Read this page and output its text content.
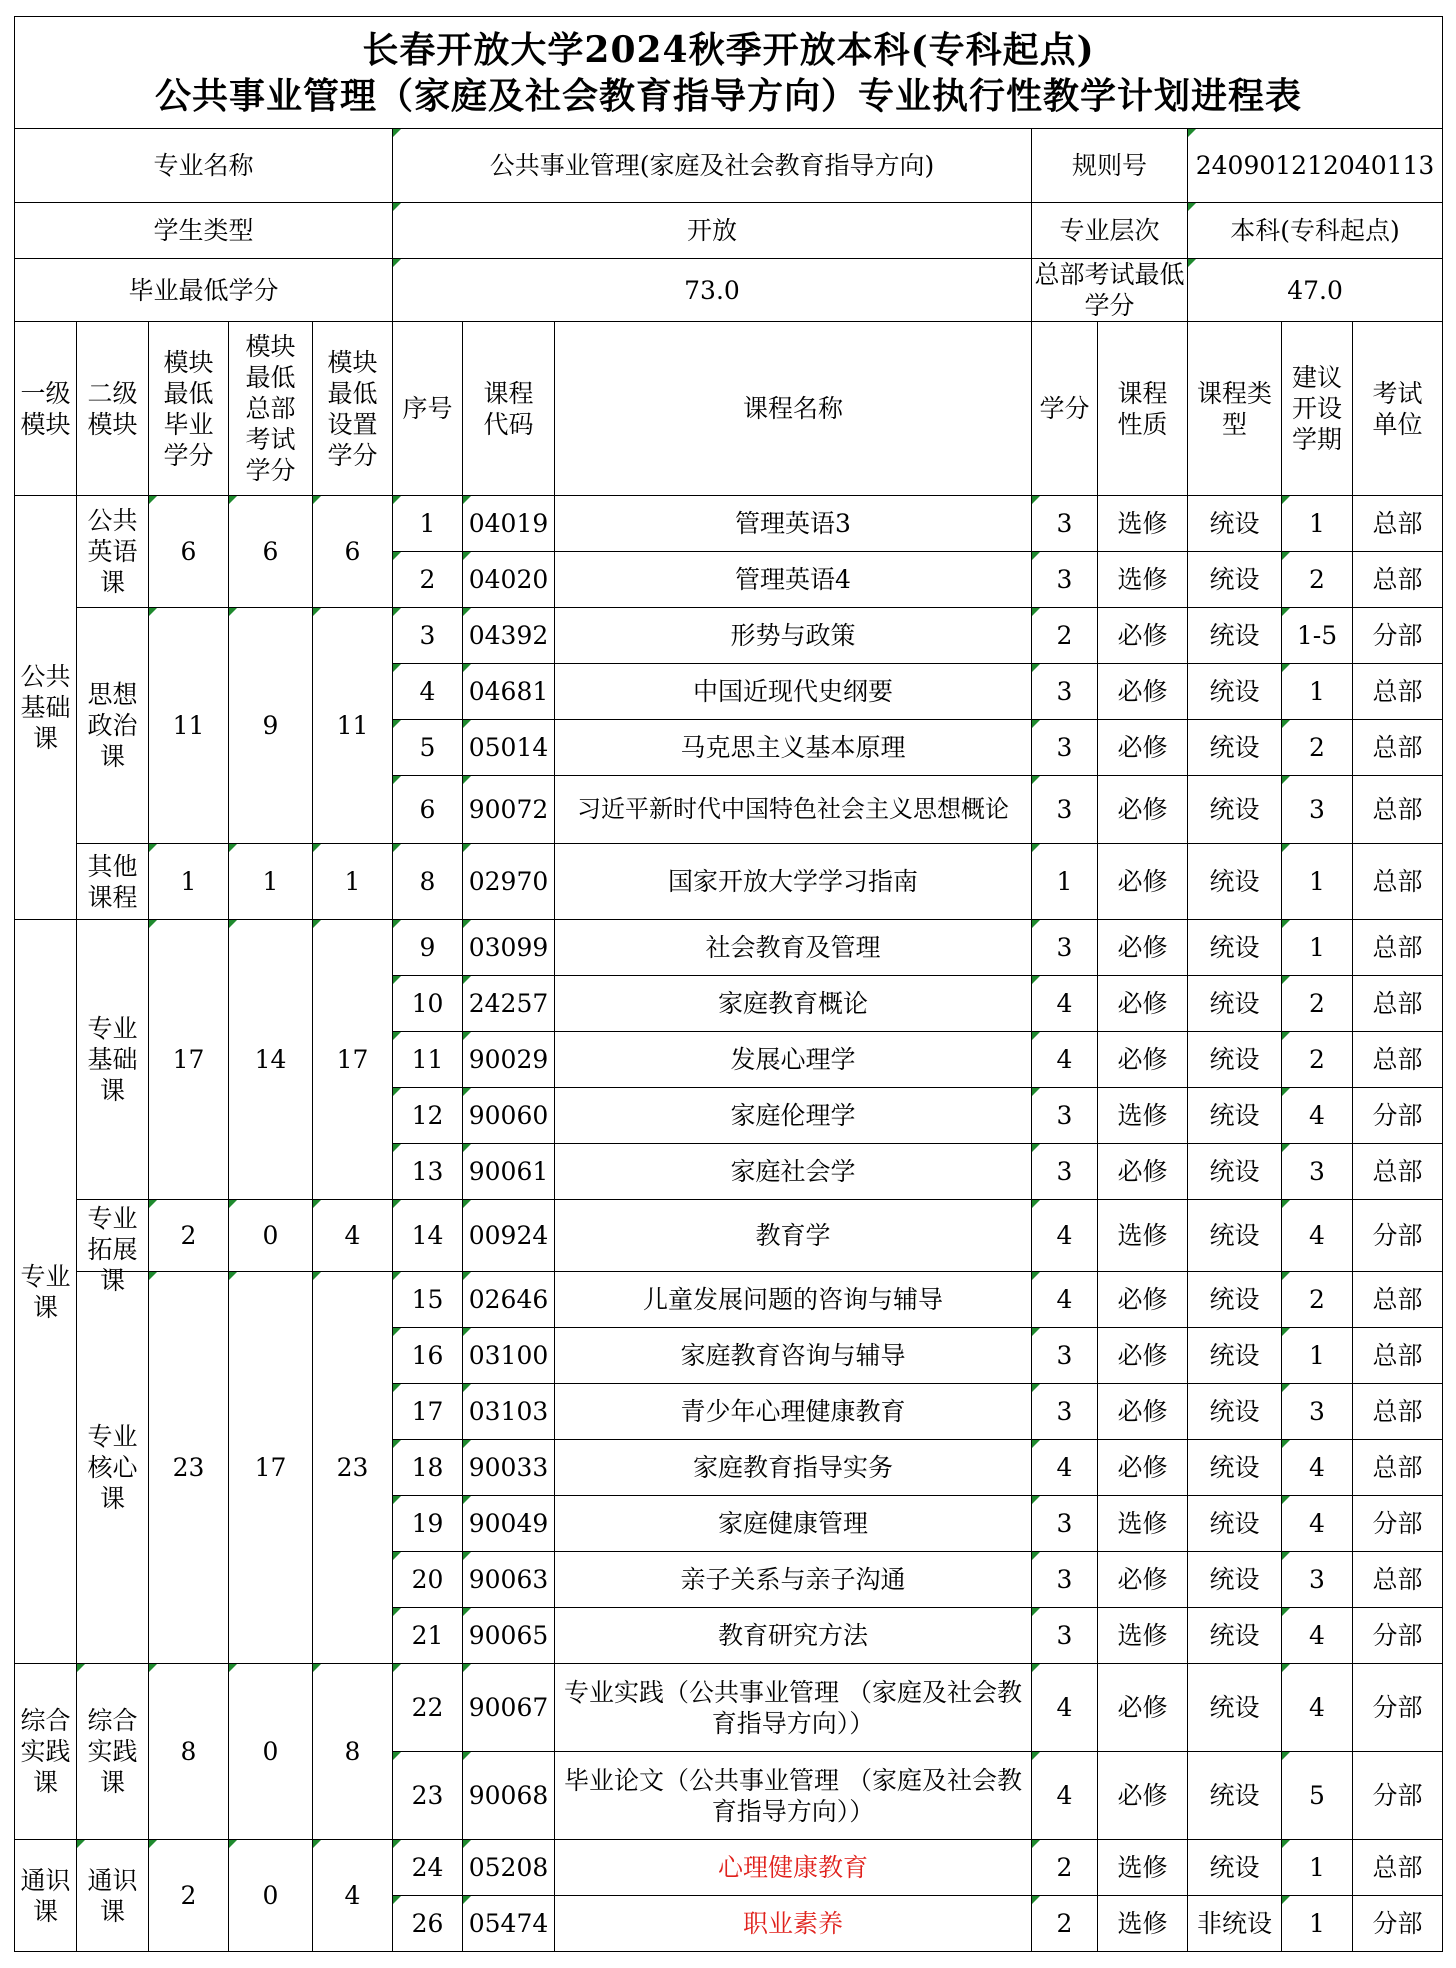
长春开放大学2024秋季开放本科(专科起点)
公共事业管理（家庭及社会教育指导方向）专业执行性教学计划进程表												

专业名称					公共事业管理(家庭及社会教育指导方向)			规则号		240901212040113		
学生类型					开放			专业层次		本科(专科起点)		
毕业最低学分					73.0			总部考试最低学分		47.0		

一级模块	二级模块	模块最低毕业学分	模块最低总部考试学分	模块最低设置学分	序号	课程代码	课程名称	学分	课程性质	课程类型	建议开设学期	考试单位

公共基础课	公共英语课	6	6	6	1	04019	管理英语3	3	选修	统设	1	总部
					2	04020	管理英语4	3	选修	统设	2	总部

	思想政治课	11	9	11	3	04392	形势与政策	2	必修	统设	1-5	分部
					4	04681	中国近现代史纲要	3	必修	统设	1	总部
					5	05014	马克思主义基本原理	3	必修	统设	2	总部
					6	90072	习近平新时代中国特色社会主义思想概论	3	必修	统设	3	总部

	其他课程	1	1	1	8	02970	国家开放大学学习指南	1	必修	统设	1	总部

专业课	专业基础课	17	14	17	9	03099	社会教育及管理	3	必修	统设	1	总部
					10	24257	家庭教育概论	4	必修	统设	2	总部
					11	90029	发展心理学	4	必修	统设	2	总部
					12	90060	家庭伦理学	3	选修	统设	4	分部
					13	90061	家庭社会学	3	必修	统设	3	总部

	专业拓展课	2	0	4	14	00924	教育学	4	选修	统设	4	分部

	专业核心课	23	17	23	15	02646	儿童发展问题的咨询与辅导	4	必修	统设	2	总部
					16	03100	家庭教育咨询与辅导	3	必修	统设	1	总部
					17	03103	青少年心理健康教育	3	必修	统设	3	总部
					18	90033	家庭教育指导实务	4	必修	统设	4	总部
					19	90049	家庭健康管理	3	选修	统设	4	分部
					20	90063	亲子关系与亲子沟通	3	必修	统设	3	总部
					21	90065	教育研究方法	3	选修	统设	4	分部

综合实践课	综合实践课	8	0	8	22	90067	专业实践（公共事业管理 （家庭及社会教育指导方向））	4	必修	统设	4	分部
					23	90068	毕业论文（公共事业管理 （家庭及社会教育指导方向））	4	必修	统设	5	分部

通识课	通识课	2	0	4	24	05208	心理健康教育	2	选修	统设	1	总部
					26	05474	职业素养	2	选修	非统设	1	分部
